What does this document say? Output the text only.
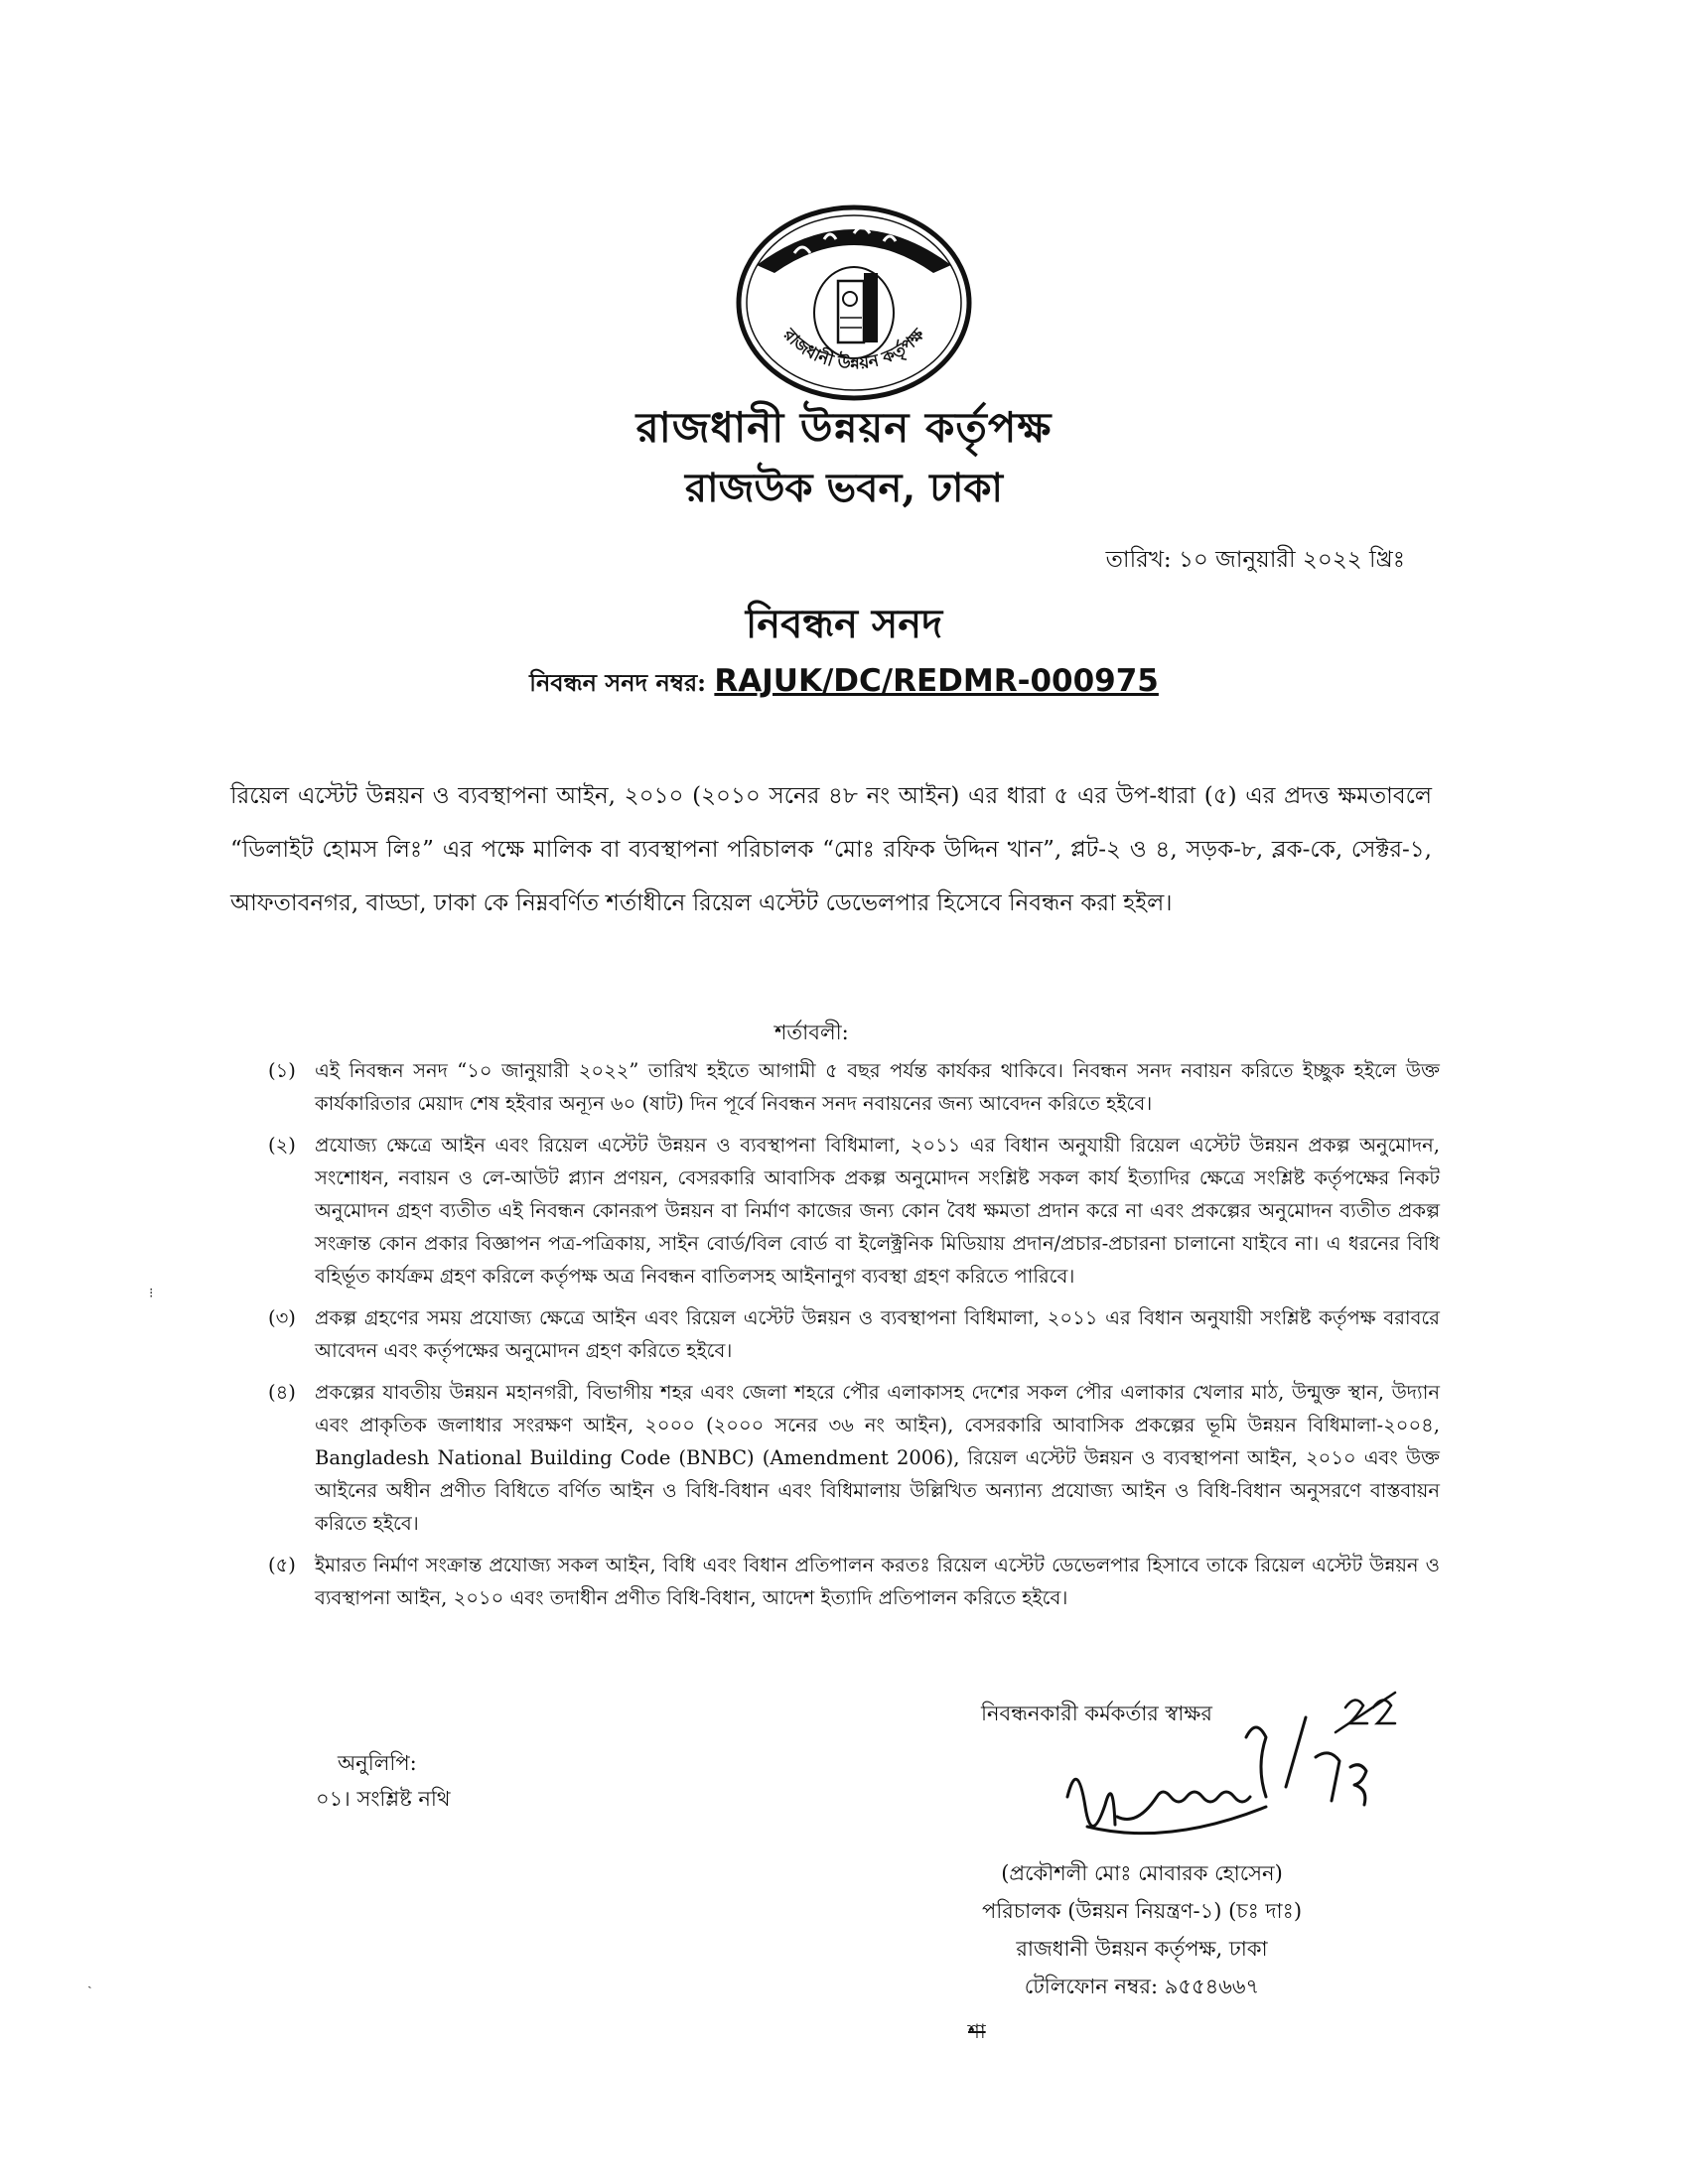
রাজধানী উন্নয়ন কর্তৃপক্ষ
রাজধানী উন্নয়ন কর্তৃপক্ষ
রাজউক ভবন, ঢাকা
তারিখ: ১০ জানুয়ারী ২০২২ খ্রিঃ
নিবন্ধন সনদ
নিবন্ধন সনদ নম্বর: RAJUK/DC/REDMR-000975

রিয়েল এস্টেট উন্নয়ন ও ব্যবস্থাপনা আইন, ২০১০ (২০১০ সনের ৪৮ নং আইন) এর ধারা ৫ এর উপ-ধারা (৫) এর প্রদত্ত ক্ষমতাবলে “ডিলাইট হোমস লিঃ” এর পক্ষে মালিক বা ব্যবস্থাপনা পরিচালক “মোঃ রফিক উদ্দিন খান”, প্লট-২ ও ৪, সড়ক-৮, ব্লক-কে, সেক্টর-১, আফতাবনগর, বাড্ডা, ঢাকা কে নিম্নবর্ণিত শর্তাধীনে রিয়েল এস্টেট ডেভেলপার হিসেবে নিবন্ধন করা হইল।

শর্তাবলী:
(১) এই নিবন্ধন সনদ “১০ জানুয়ারী ২০২২” তারিখ হইতে আগামী ৫ বছর পর্যন্ত কার্যকর থাকিবে। নিবন্ধন সনদ নবায়ন করিতে ইচ্ছুক হইলে উক্ত কার্যকারিতার মেয়াদ শেষ হইবার অন্যূন ৬০ (ষাট) দিন পূর্বে নিবন্ধন সনদ নবায়নের জন্য আবেদন করিতে হইবে।
(২) প্রযোজ্য ক্ষেত্রে আইন এবং রিয়েল এস্টেট উন্নয়ন ও ব্যবস্থাপনা বিধিমালা, ২০১১ এর বিধান অনুযায়ী রিয়েল এস্টেট উন্নয়ন প্রকল্প অনুমোদন, সংশোধন, নবায়ন ও লে-আউট প্ল্যান প্রণয়ন, বেসরকারি আবাসিক প্রকল্প অনুমোদন সংশ্লিষ্ট সকল কার্য ইত্যাদির ক্ষেত্রে সংশ্লিষ্ট কর্তৃপক্ষের নিকট অনুমোদন গ্রহণ ব্যতীত এই নিবন্ধন কোনরূপ উন্নয়ন বা নির্মাণ কাজের জন্য কোন বৈধ ক্ষমতা প্রদান করে না এবং প্রকল্পের অনুমোদন ব্যতীত প্রকল্প সংক্রান্ত কোন প্রকার বিজ্ঞাপন পত্র-পত্রিকায়, সাইন বোর্ড/বিল বোর্ড বা ইলেক্ট্রনিক মিডিয়ায় প্রদান/প্রচার-প্রচারনা চালানো যাইবে না। এ ধরনের বিধি বহির্ভূত কার্যক্রম গ্রহণ করিলে কর্তৃপক্ষ অত্র নিবন্ধন বাতিলসহ আইনানুগ ব্যবস্থা গ্রহণ করিতে পারিবে।
(৩) প্রকল্প গ্রহণের সময় প্রযোজ্য ক্ষেত্রে আইন এবং রিয়েল এস্টেট উন্নয়ন ও ব্যবস্থাপনা বিধিমালা, ২০১১ এর বিধান অনুযায়ী সংশ্লিষ্ট কর্তৃপক্ষ বরাবরে আবেদন এবং কর্তৃপক্ষের অনুমোদন গ্রহণ করিতে হইবে।
(৪) প্রকল্পের যাবতীয় উন্নয়ন মহানগরী, বিভাগীয় শহর এবং জেলা শহরে পৌর এলাকাসহ দেশের সকল পৌর এলাকার খেলার মাঠ, উন্মুক্ত স্থান, উদ্যান এবং প্রাকৃতিক জলাধার সংরক্ষণ আইন, ২০০০ (২০০০ সনের ৩৬ নং আইন), বেসরকারি আবাসিক প্রকল্পের ভূমি উন্নয়ন বিধিমালা-২০০৪, Bangladesh National Building Code (BNBC) (Amendment 2006), রিয়েল এস্টেট উন্নয়ন ও ব্যবস্থাপনা আইন, ২০১০ এবং উক্ত আইনের অধীন প্রণীত বিধিতে বর্ণিত আইন ও বিধি-বিধান এবং বিধিমালায় উল্লিখিত অন্যান্য প্রযোজ্য আইন ও বিধি-বিধান অনুসরণে বাস্তবায়ন করিতে হইবে।
(৫) ইমারত নির্মাণ সংক্রান্ত প্রযোজ্য সকল আইন, বিধি এবং বিধান প্রতিপালন করতঃ রিয়েল এস্টেট ডেভেলপার হিসাবে তাকে রিয়েল এস্টেট উন্নয়ন ও ব্যবস্থাপনা আইন, ২০১০ এবং তদাধীন প্রণীত বিধি-বিধান, আদেশ ইত্যাদি প্রতিপালন করিতে হইবে।
অনুলিপি:
০১। সংশ্লিষ্ট নথি
নিবন্ধনকারী কর্মকর্তার স্বাক্ষর
(প্রকৌশলী মোঃ মোবারক হোসেন)
পরিচালক (উন্নয়ন নিয়ন্ত্রণ-১) (চঃ দাঃ)
রাজধানী উন্নয়ন কর্তৃপক্ষ, ঢাকা
টেলিফোন নম্বর: ৯৫৫৪৬৬৭
শা
⁝
ˎ
